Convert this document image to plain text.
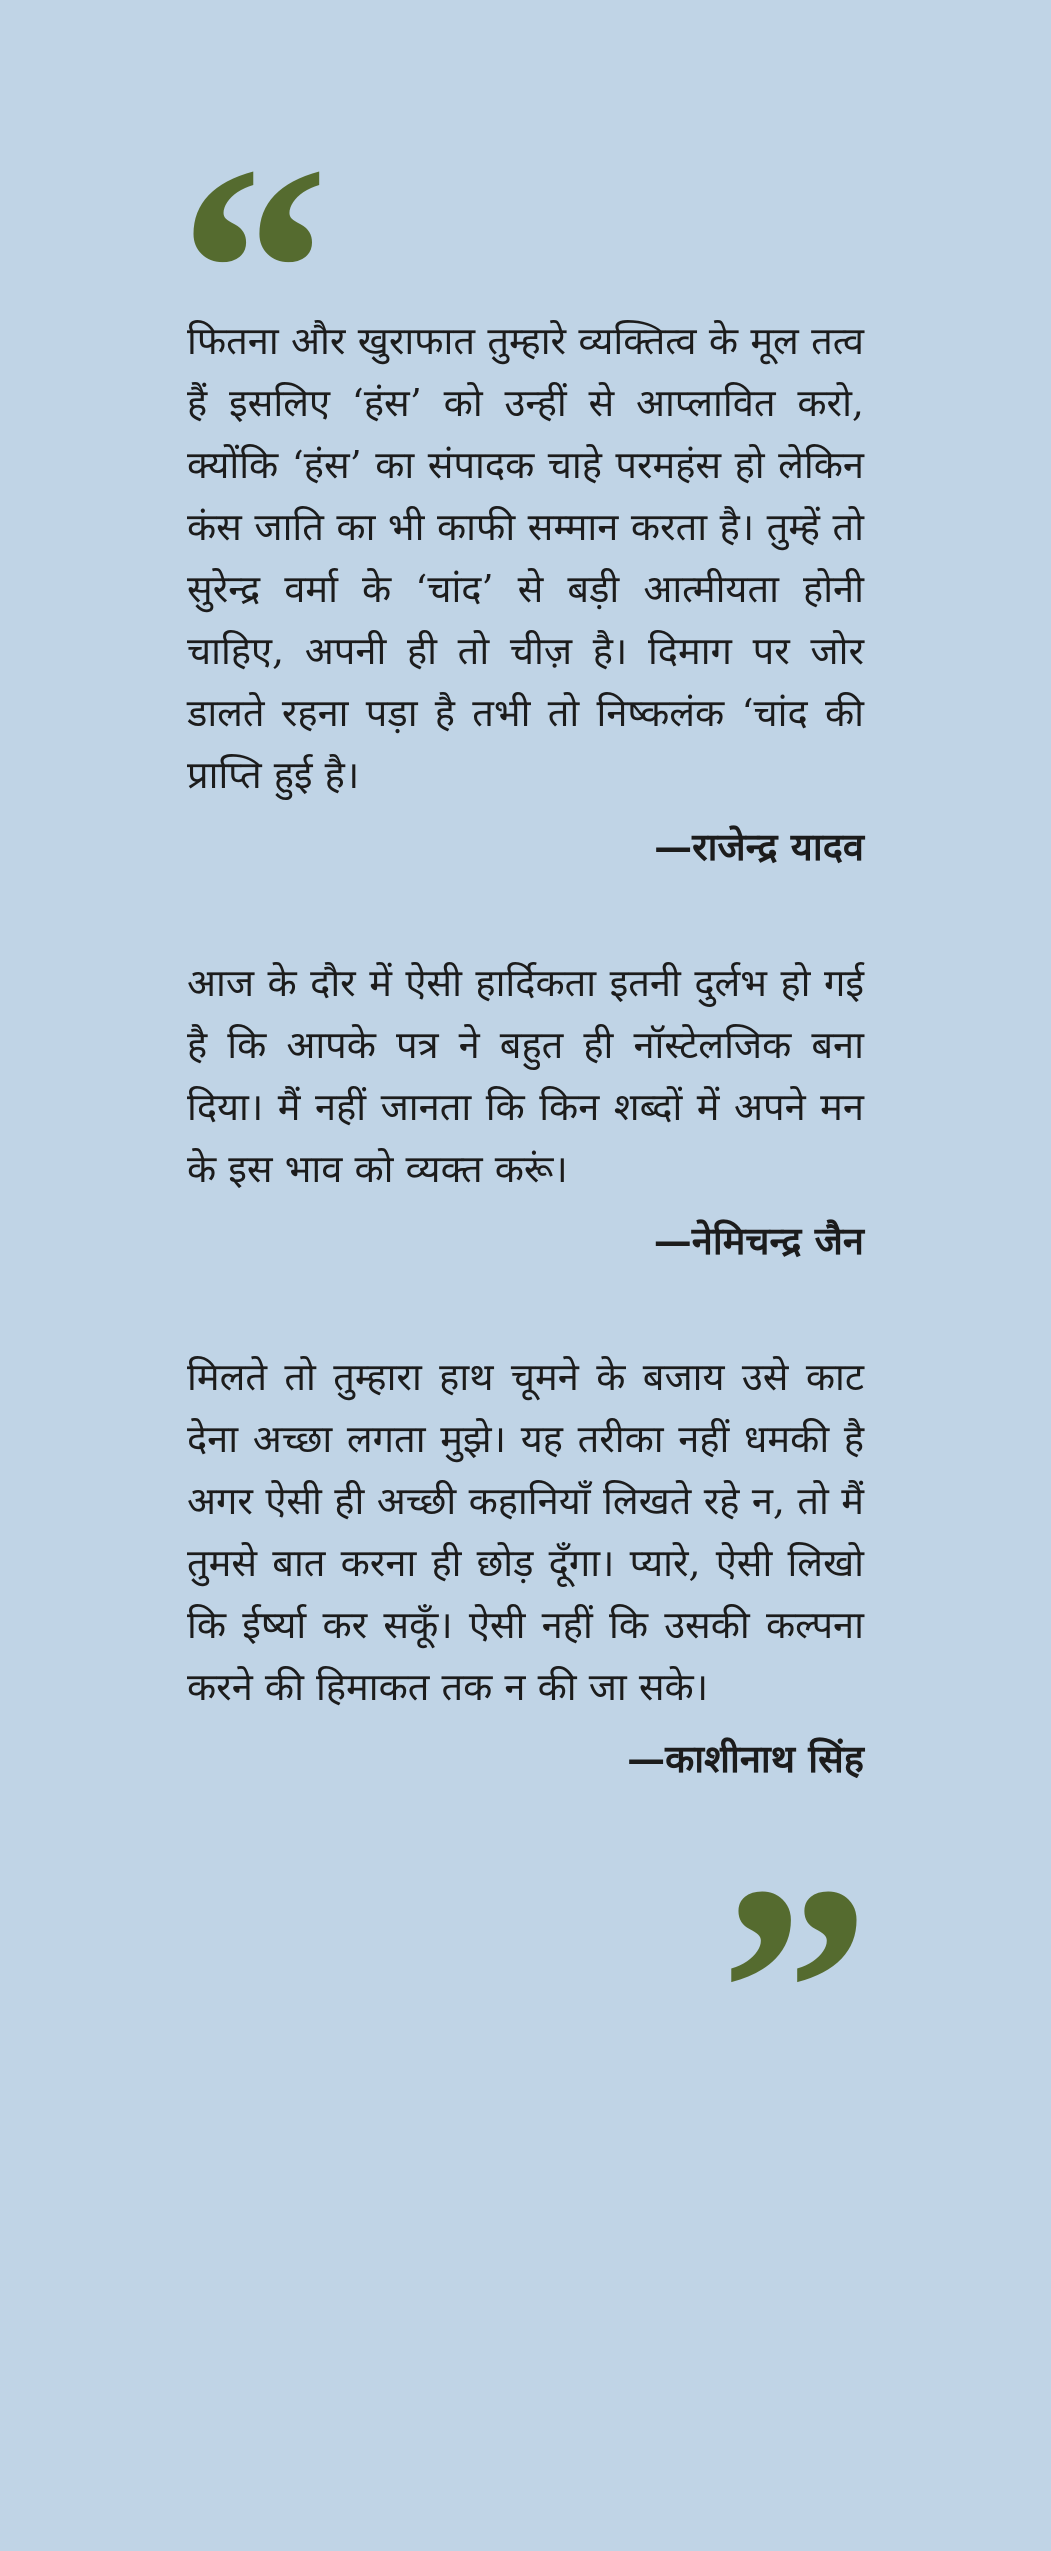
“

फितना और खुराफात तुम्हारे व्यक्तित्व के मूल तत्व हैं इसलिए ‘हंस’ को उन्हीं से आप्लावित करो, क्योंकि ‘हंस’ का संपादक चाहे परमहंस हो लेकिन कंस जाति का भी काफी सम्मान करता है। तुम्हें तो सुरेन्द्र वर्मा के ‘चांद’ से बड़ी आत्मीयता होनी चाहिए, अपनी ही तो चीज़ है। दिमाग पर जोर डालते रहना पड़ा है तभी तो निष्कलंक ‘चांद की प्राप्ति हुई है।

—राजेन्द्र यादव

आज के दौर में ऐसी हार्दिकता इतनी दुर्लभ हो गई है कि आपके पत्र ने बहुत ही नॉस्टेलजिक बना दिया। मैं नहीं जानता कि किन शब्दों में अपने मन के इस भाव को व्यक्त करूं।

—नेमिचन्द्र जैन

मिलते तो तुम्हारा हाथ चूमने के बजाय उसे काट देना अच्छा लगता मुझे। यह तरीका नहीं धमकी है अगर ऐसी ही अच्छी कहानियाँ लिखते रहे न, तो मैं तुमसे बात करना ही छोड़ दूँगा। प्यारे, ऐसी लिखो कि ईर्ष्या कर सकूँ। ऐसी नहीं कि उसकी कल्पना करने की हिमाकत तक न की जा सके।

—काशीनाथ सिंह

”
